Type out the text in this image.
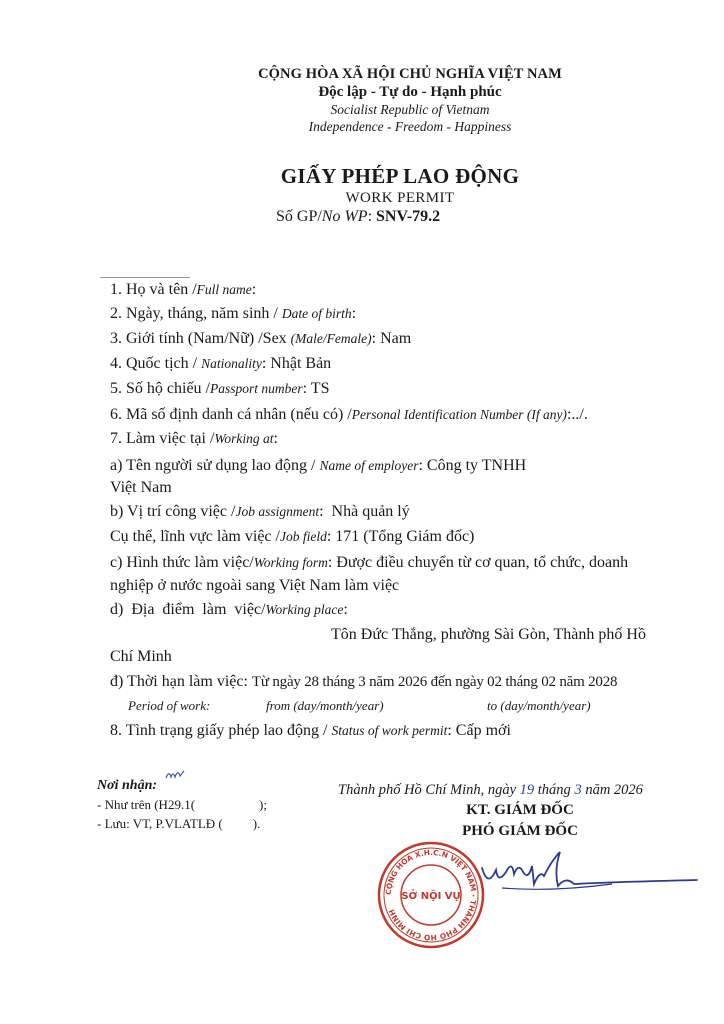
CỘNG HÒA XÃ HỘI CHỦ NGHĨA VIỆT NAM
Độc lập - Tự do - Hạnh phúc
Socialist Republic of Vietnam
Independence - Freedom - Happiness
GIẤY PHÉP LAO ĐỘNG
WORK PERMIT
Số GP/No WP: SNV-79.2
1. Họ và tên /Full name:
2. Ngày, tháng, năm sinh / Date of birth:
3. Giới tính (Nam/Nữ) /Sex (Male/Female): Nam
4. Quốc tịch / Nationality: Nhật Bản
5. Số hộ chiếu /Passport number: TS
6. Mã số định danh cá nhân (nếu có) /Personal Identification Number (If any):../.
7. Làm việc tại /Working at:
a) Tên người sử dụng lao động / Name of employer: Công ty TNHH
Việt Nam
b) Vị trí công việc /Job assignment:  Nhà quản lý
Cụ thể, lĩnh vực làm việc /Job field: 171 (Tổng Giám đốc)
c) Hình thức làm việc/Working form: Được điều chuyển từ cơ quan, tổ chức, doanh
nghiệp ở nước ngoài sang Việt Nam làm việc
d) Địa điểm làm việc/Working place:
Tôn Đức Thắng, phường Sài Gòn, Thành phố Hồ
Chí Minh
đ) Thời hạn làm việc: Từ ngày 28 tháng 3 năm 2026 đến ngày 02 tháng 02 năm 2028
Period of work:	from (day/month/year)	to (day/month/year)
8. Tình trạng giấy phép lao động / Status of work permit: Cấp mới
Nơi nhận:
- Như trên (H29.1(	);
- Lưu: VT, P.VLATLĐ ( ).
Thành phố Hồ Chí Minh, ngày 19 tháng 3 năm 2026
KT. GIÁM ĐỐC
PHÓ GIÁM ĐỐC
CỘNG HÒA X.H.C.N VIỆT NAM · THÀNH PHỐ HỒ CHÍ MINH
SỞ NỘI VỤ
